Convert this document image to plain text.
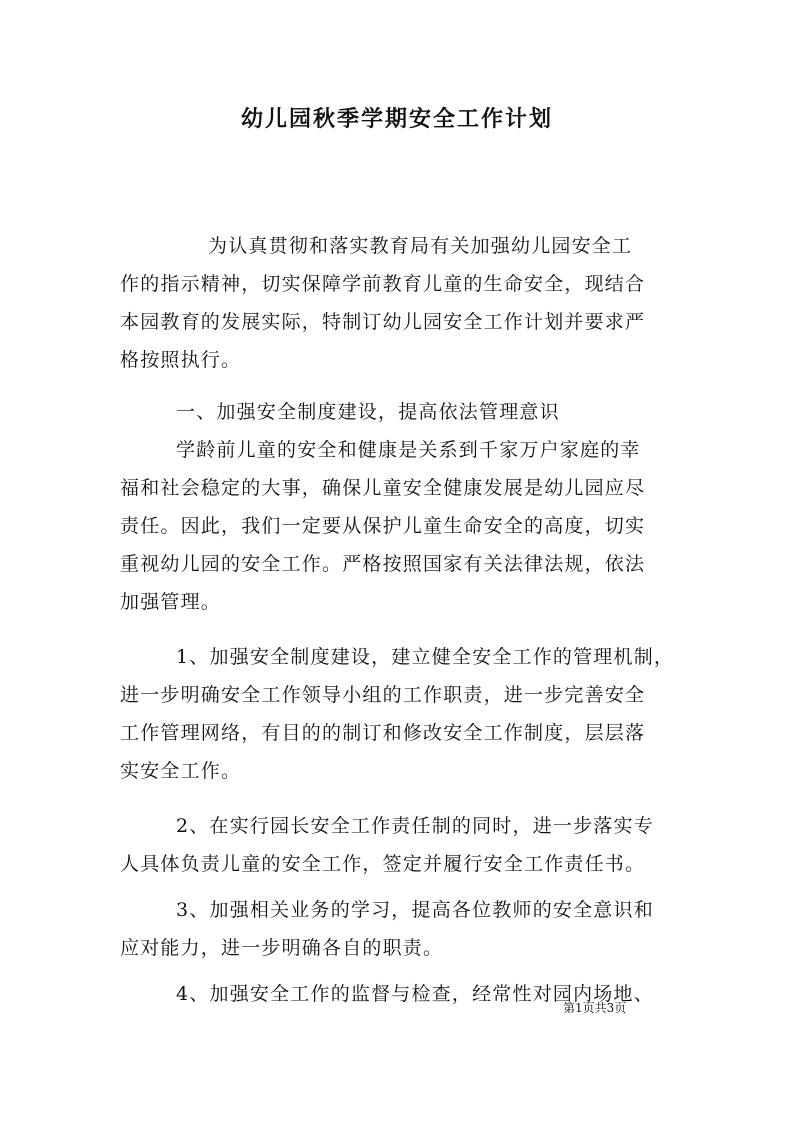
幼儿园秋季学期安全工作计划
为认真贯彻和落实教育局有关加强幼儿园安全工
作的指示精神，切实保障学前教育儿童的生命安全，现结合
本园教育的发展实际，特制订幼儿园安全工作计划并要求严
格按照执行。
一、加强安全制度建设，提高依法管理意识
学龄前儿童的安全和健康是关系到千家万户家庭的幸
福和社会稳定的大事，确保儿童安全健康发展是幼儿园应尽
责任。因此，我们一定要从保护儿童生命安全的高度，切实
重视幼儿园的安全工作。严格按照国家有关法律法规，依法
加强管理。
1、加强安全制度建设，建立健全安全工作的管理机制，
进一步明确安全工作领导小组的工作职责，进一步完善安全
工作管理网络，有目的的制订和修改安全工作制度，层层落
实安全工作。
2、在实行园长安全工作责任制的同时，进一步落实专
人具体负责儿童的安全工作，签定并履行安全工作责任书。
3、加强相关业务的学习，提高各位教师的安全意识和
应对能力，进一步明确各自的职责。
4、加强安全工作的监督与检查，经常性对园内场地、
第1页共3页
